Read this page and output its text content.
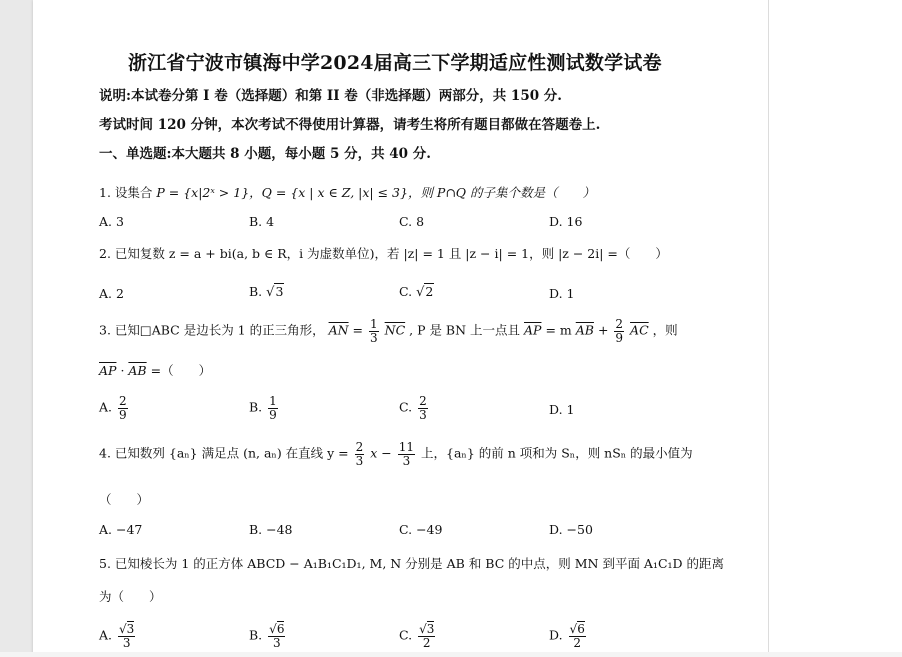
浙江省宁波市镇海中学2024届高三下学期适应性测试数学试卷
说明:本试卷分第 I 卷（选择题）和第 II 卷（非选择题）两部分，共 150 分.
考试时间 120 分钟，本次考试不得使用计算器，请考生将所有题目都做在答题卷上.
一、单选题:本大题共 8 小题，每小题 5 分，共 40 分.
1. 设集合 P = {x|2ˣ > 1}，Q = {x | x ∈ Z, |x| ≤ 3}，则 P∩Q 的子集个数是（　　）
A. 3	B. 4	C. 8	D. 16
2. 已知复数 z = a + bi(a, b ∈ R，i 为虚数单位)，若 |z| = 1 且 |z − i| = 1，则 |z − 2i| =（　　）
A. 2	B. √3	C. √2	D. 1
3. 已知□ABC 是边长为 1 的正三角形， $\overline{AN} = \frac{1}{3} \overline{NC}$ , P 是 BN 上一点且 $\overline{AP} = m$ $\overline{AB} + \frac{2}{9} \overline{AC}$ ，则
$\overline{AP} \cdot \overline{AB}$ =（　　）
A. $\frac{2}{9}$	B. $\frac{1}{9}$	C. $\frac{2}{3}$	D. 1
4. 已知数列 {aₙ} 满足点 (n, aₙ) 在直线 $y = \frac{2}{3}$ $x - \frac{11}{3}$ 上，{aₙ} 的前 n 项和为 Sₙ，则 nSₙ 的最小值为
（　　）
A. −47	B. −48	C. −49	D. −50
5. 已知棱长为 1 的正方体 ABCD − A₁B₁C₁D₁, M, N 分别是 AB 和 BC 的中点，则 MN 到平面 A₁C₁D 的距离
为（　　）
A. $\frac{√3}{3}$	B. $\frac{√6}{3}$	C. $\frac{√3}{2}$	D. $\frac{√6}{2}$
